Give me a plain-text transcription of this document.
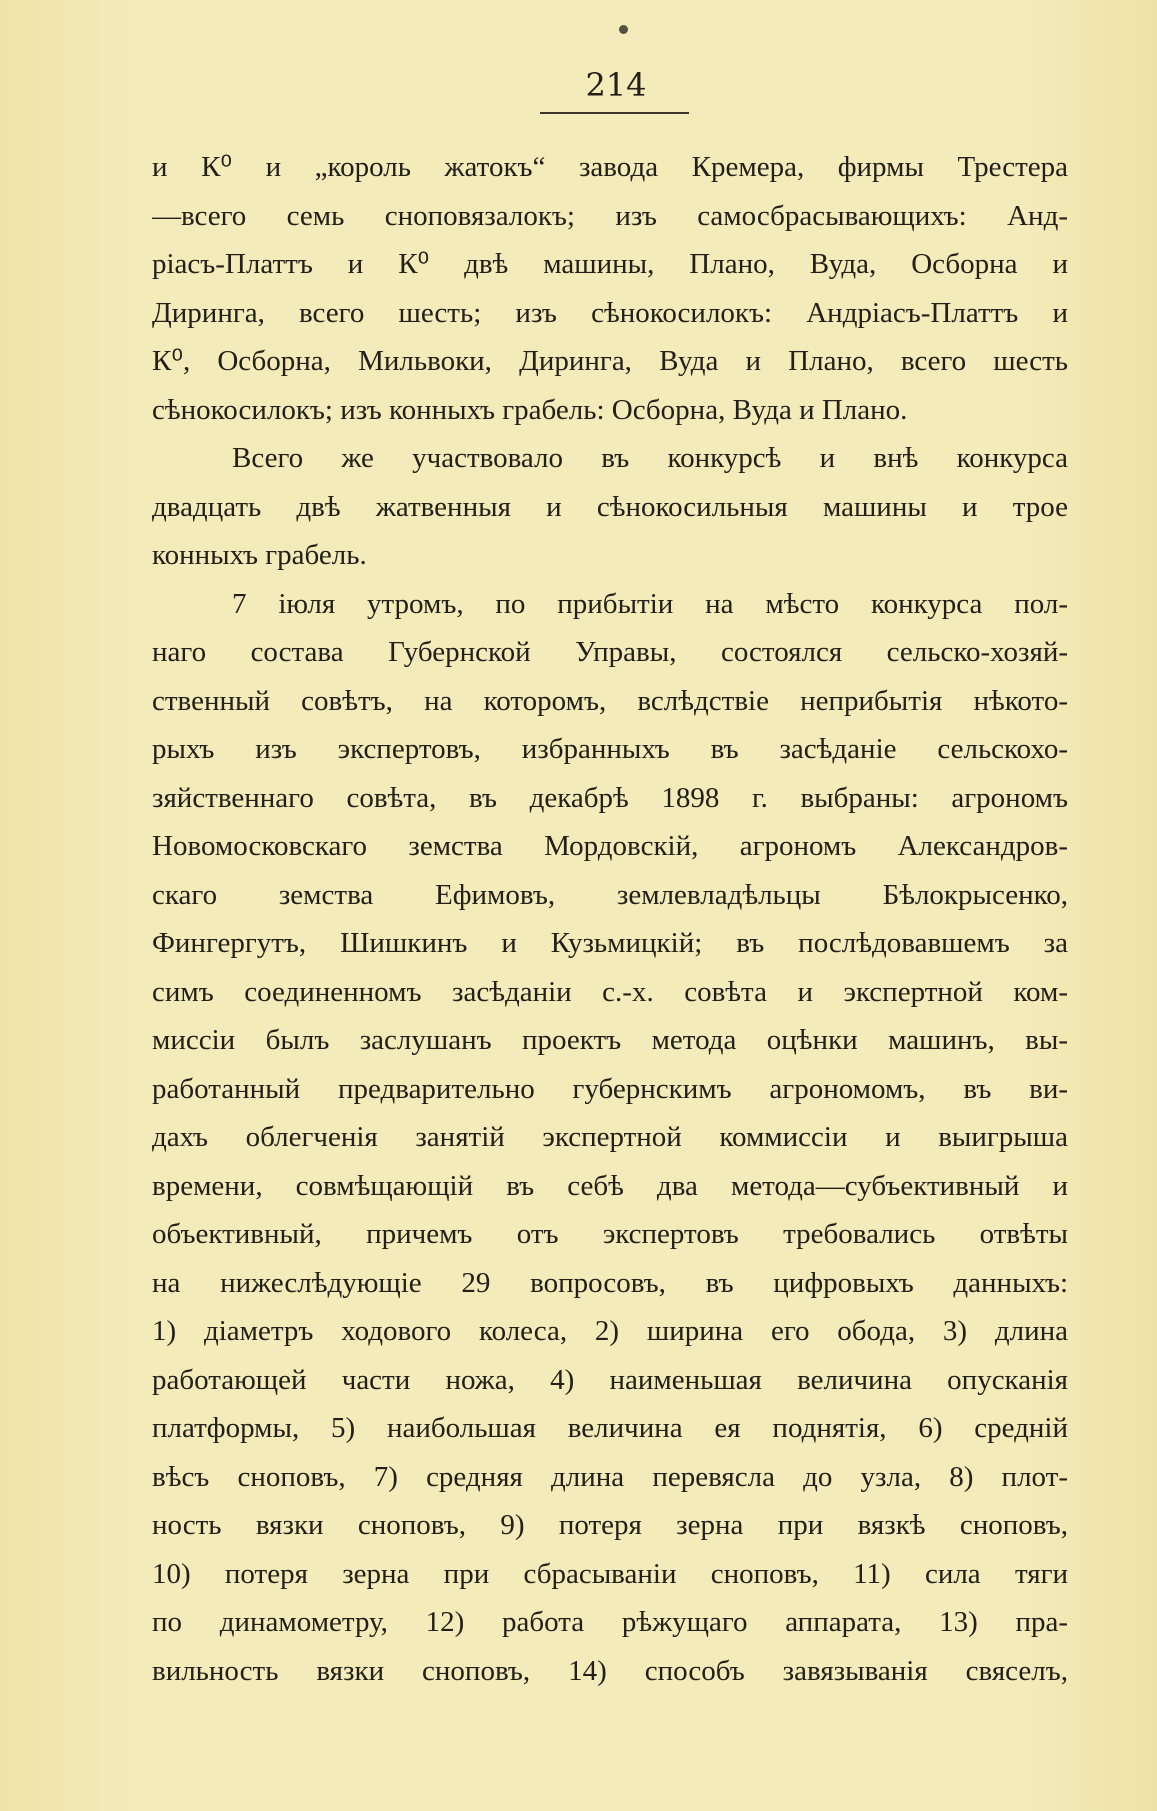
214
и К⁰ и „король жатокъ“ завода Кремера, фирмы Трестера
—всего семь сноповязалокъ; изъ самосбрасывающихъ: Анд-
ріасъ-Платтъ и К⁰ двѣ машины, Плано, Вуда, Осборна и
Диринга, всего шесть; изъ сѣнокосилокъ: Андріасъ-Платтъ и
К⁰, Осборна, Мильвоки, Диринга, Вуда и Плано, всего шесть
сѣнокосилокъ; изъ конныхъ грабель: Осборна, Вуда и Плано.
Всего же участвовало въ конкурсѣ и внѣ конкурса
двадцать двѣ жатвенныя и сѣнокосильныя машины и трое
конныхъ грабель.
7 іюля утромъ, по прибытіи на мѣсто конкурса пол-
наго состава Губернской Управы, состоялся сельско-хозяй-
ственный совѣтъ, на которомъ, вслѣдствіе неприбытія нѣкото-
рыхъ изъ экспертовъ, избранныхъ въ засѣданіе сельскохо-
зяйственнаго совѣта, въ декабрѣ 1898 г. выбраны: агрономъ
Новомосковскаго земства Мордовскій, агрономъ Александров-
скаго земства Ефимовъ, землевладѣльцы Бѣлокрысенко,
Фингергутъ, Шишкинъ и Кузьмицкій; въ послѣдовавшемъ за
симъ соединенномъ засѣданіи с.-х. совѣта и экспертной ком-
миссіи былъ заслушанъ проектъ метода оцѣнки машинъ, вы-
работанный предварительно губернскимъ агрономомъ, въ ви-
дахъ облегченія занятій экспертной коммиссіи и выигрыша
времени, совмѣщающій въ себѣ два метода—субъективный и
объективный, причемъ отъ экспертовъ требовались отвѣты
на нижеслѣдующіе 29 вопросовъ, въ цифровыхъ данныхъ:
1) діаметръ ходового колеса, 2) ширина его обода, 3) длина
работающей части ножа, 4) наименьшая величина опусканія
платформы, 5) наибольшая величина ея поднятія, 6) средній
вѣсъ сноповъ, 7) средняя длина перевясла до узла, 8) плот-
ность вязки сноповъ, 9) потеря зерна при вязкѣ сноповъ,
10) потеря зерна при сбрасываніи сноповъ, 11) сила тяги
по динамометру, 12) работа рѣжущаго аппарата, 13) пра-
вильность вязки сноповъ, 14) способъ завязыванія свяселъ,
